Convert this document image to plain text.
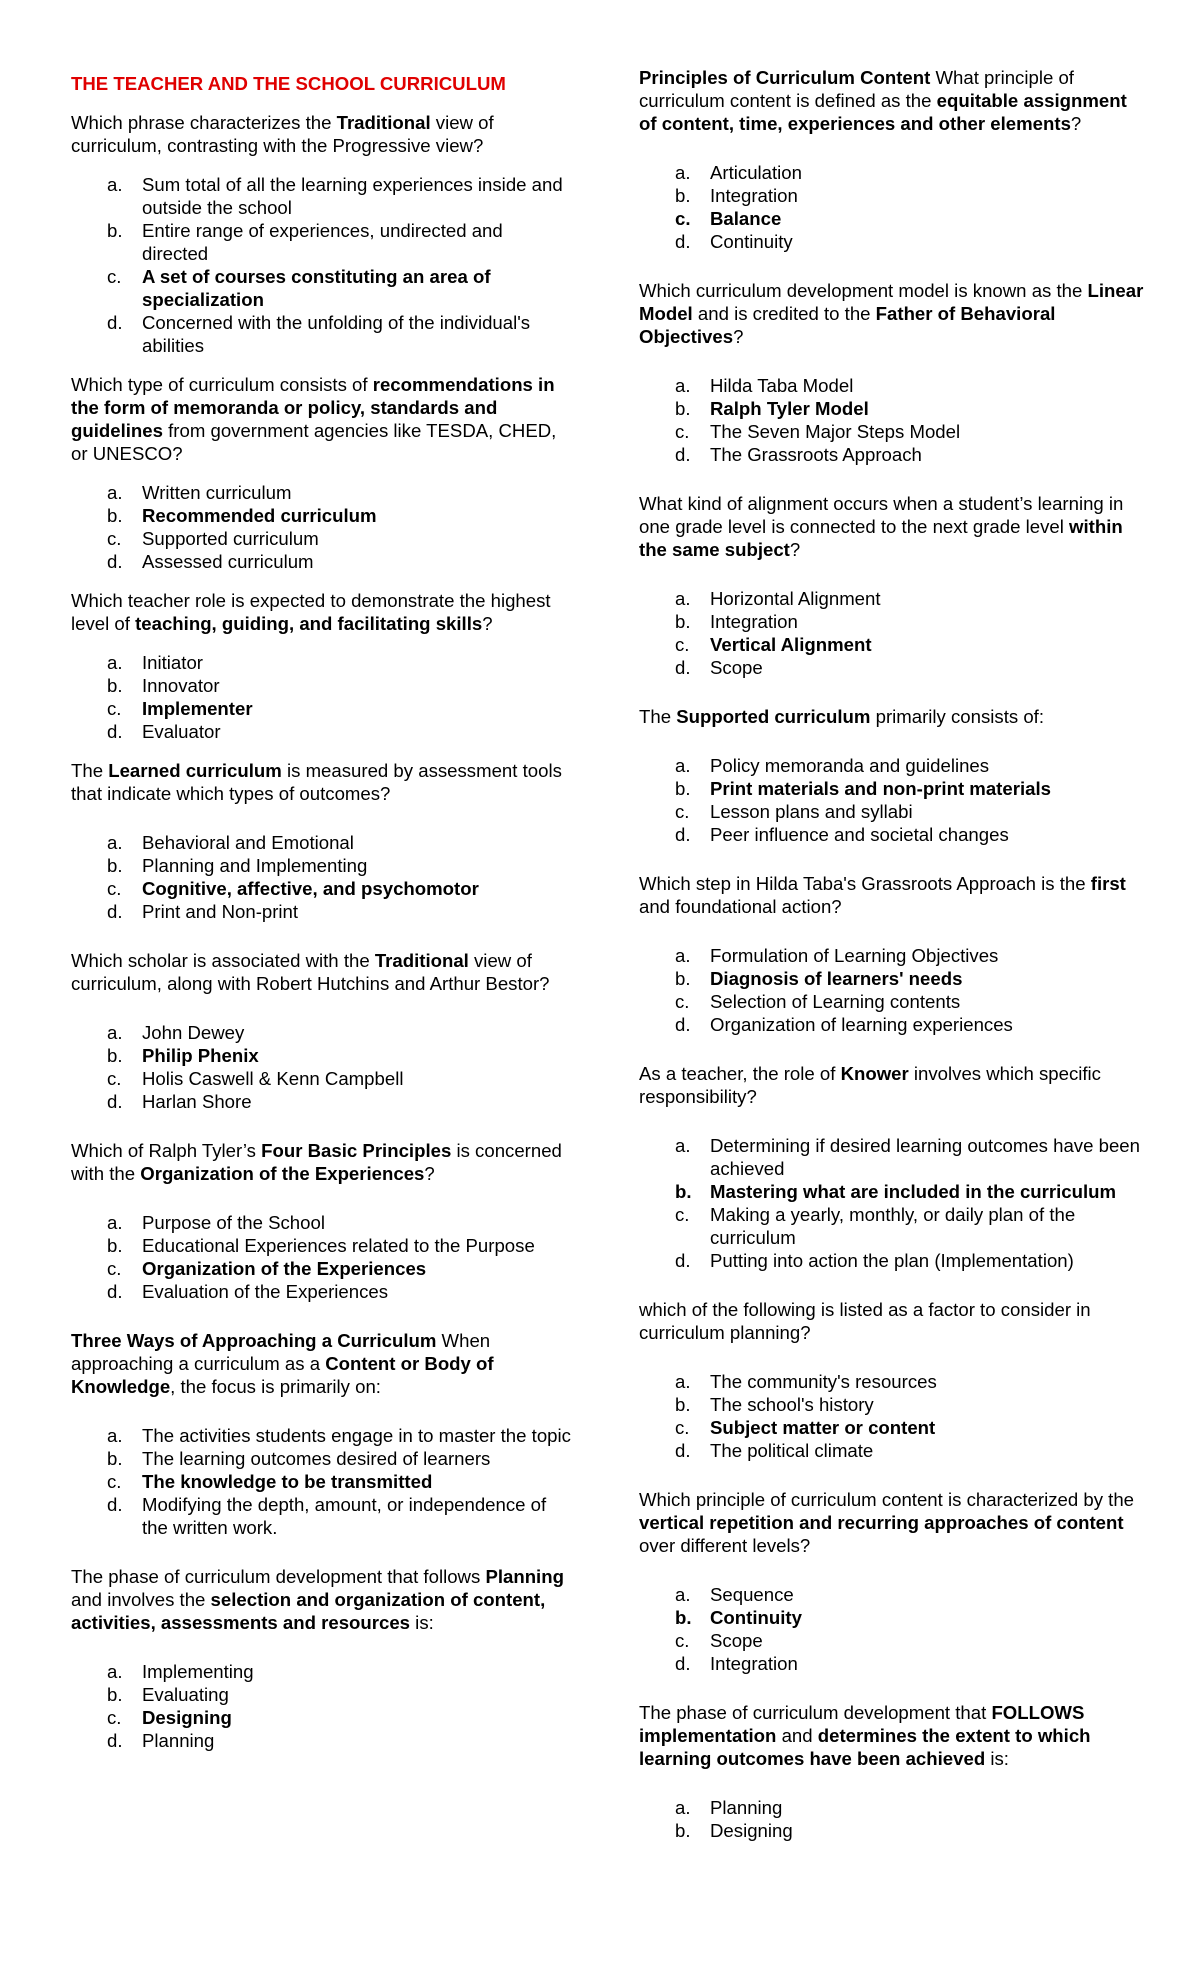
THE TEACHER AND THE SCHOOL CURRICULUM
Which phrase characterizes the Traditional view of curriculum, contrasting with the Progressive view?
a. Sum total of all the learning experiences inside and outside the school
b. Entire range of experiences, undirected and directed
c. A set of courses constituting an area of specialization
d. Concerned with the unfolding of the individual's abilities
Which type of curriculum consists of recommendations in the form of memoranda or policy, standards and guidelines from government agencies like TESDA, CHED, or UNESCO?
a. Written curriculum
b. Recommended curriculum
c. Supported curriculum
d. Assessed curriculum
Which teacher role is expected to demonstrate the highest level of teaching, guiding, and facilitating skills?
a. Initiator
b. Innovator
c. Implementer
d. Evaluator
The Learned curriculum is measured by assessment tools that indicate which types of outcomes?
a. Behavioral and Emotional
b. Planning and Implementing
c. Cognitive, affective, and psychomotor
d. Print and Non-print
Which scholar is associated with the Traditional view of curriculum, along with Robert Hutchins and Arthur Bestor?
a. John Dewey
b. Philip Phenix
c. Holis Caswell & Kenn Campbell
d. Harlan Shore
Which of Ralph Tyler’s Four Basic Principles is concerned with the Organization of the Experiences?
a. Purpose of the School
b. Educational Experiences related to the Purpose
c. Organization of the Experiences
d. Evaluation of the Experiences
Three Ways of Approaching a Curriculum When approaching a curriculum as a Content or Body of Knowledge, the focus is primarily on:
a. The activities students engage in to master the topic
b. The learning outcomes desired of learners
c. The knowledge to be transmitted
d. Modifying the depth, amount, or independence of the written work.
The phase of curriculum development that follows Planning and involves the selection and organization of content, activities, assessments and resources is:
a. Implementing
b. Evaluating
c. Designing
d. Planning
Principles of Curriculum Content What principle of curriculum content is defined as the equitable assignment of content, time, experiences and other elements?
a. Articulation
b. Integration
c. Balance
d. Continuity
Which curriculum development model is known as the Linear Model and is credited to the Father of Behavioral Objectives?
a. Hilda Taba Model
b. Ralph Tyler Model
c. The Seven Major Steps Model
d. The Grassroots Approach
What kind of alignment occurs when a student’s learning in one grade level is connected to the next grade level within the same subject?
a. Horizontal Alignment
b. Integration
c. Vertical Alignment
d. Scope
The Supported curriculum primarily consists of:
a. Policy memoranda and guidelines
b. Print materials and non-print materials
c. Lesson plans and syllabi
d. Peer influence and societal changes
Which step in Hilda Taba's Grassroots Approach is the first and foundational action?
a. Formulation of Learning Objectives
b. Diagnosis of learners' needs
c. Selection of Learning contents
d. Organization of learning experiences
As a teacher, the role of Knower involves which specific responsibility?
a. Determining if desired learning outcomes have been achieved
b. Mastering what are included in the curriculum
c. Making a yearly, monthly, or daily plan of the curriculum
d. Putting into action the plan (Implementation)
which of the following is listed as a factor to consider in curriculum planning?
a. The community's resources
b. The school's history
c. Subject matter or content
d. The political climate
Which principle of curriculum content is characterized by the vertical repetition and recurring approaches of content over different levels?
a. Sequence
b. Continuity
c. Scope
d. Integration
The phase of curriculum development that FOLLOWS implementation and determines the extent to which learning outcomes have been achieved is:
a. Planning
b. Designing
